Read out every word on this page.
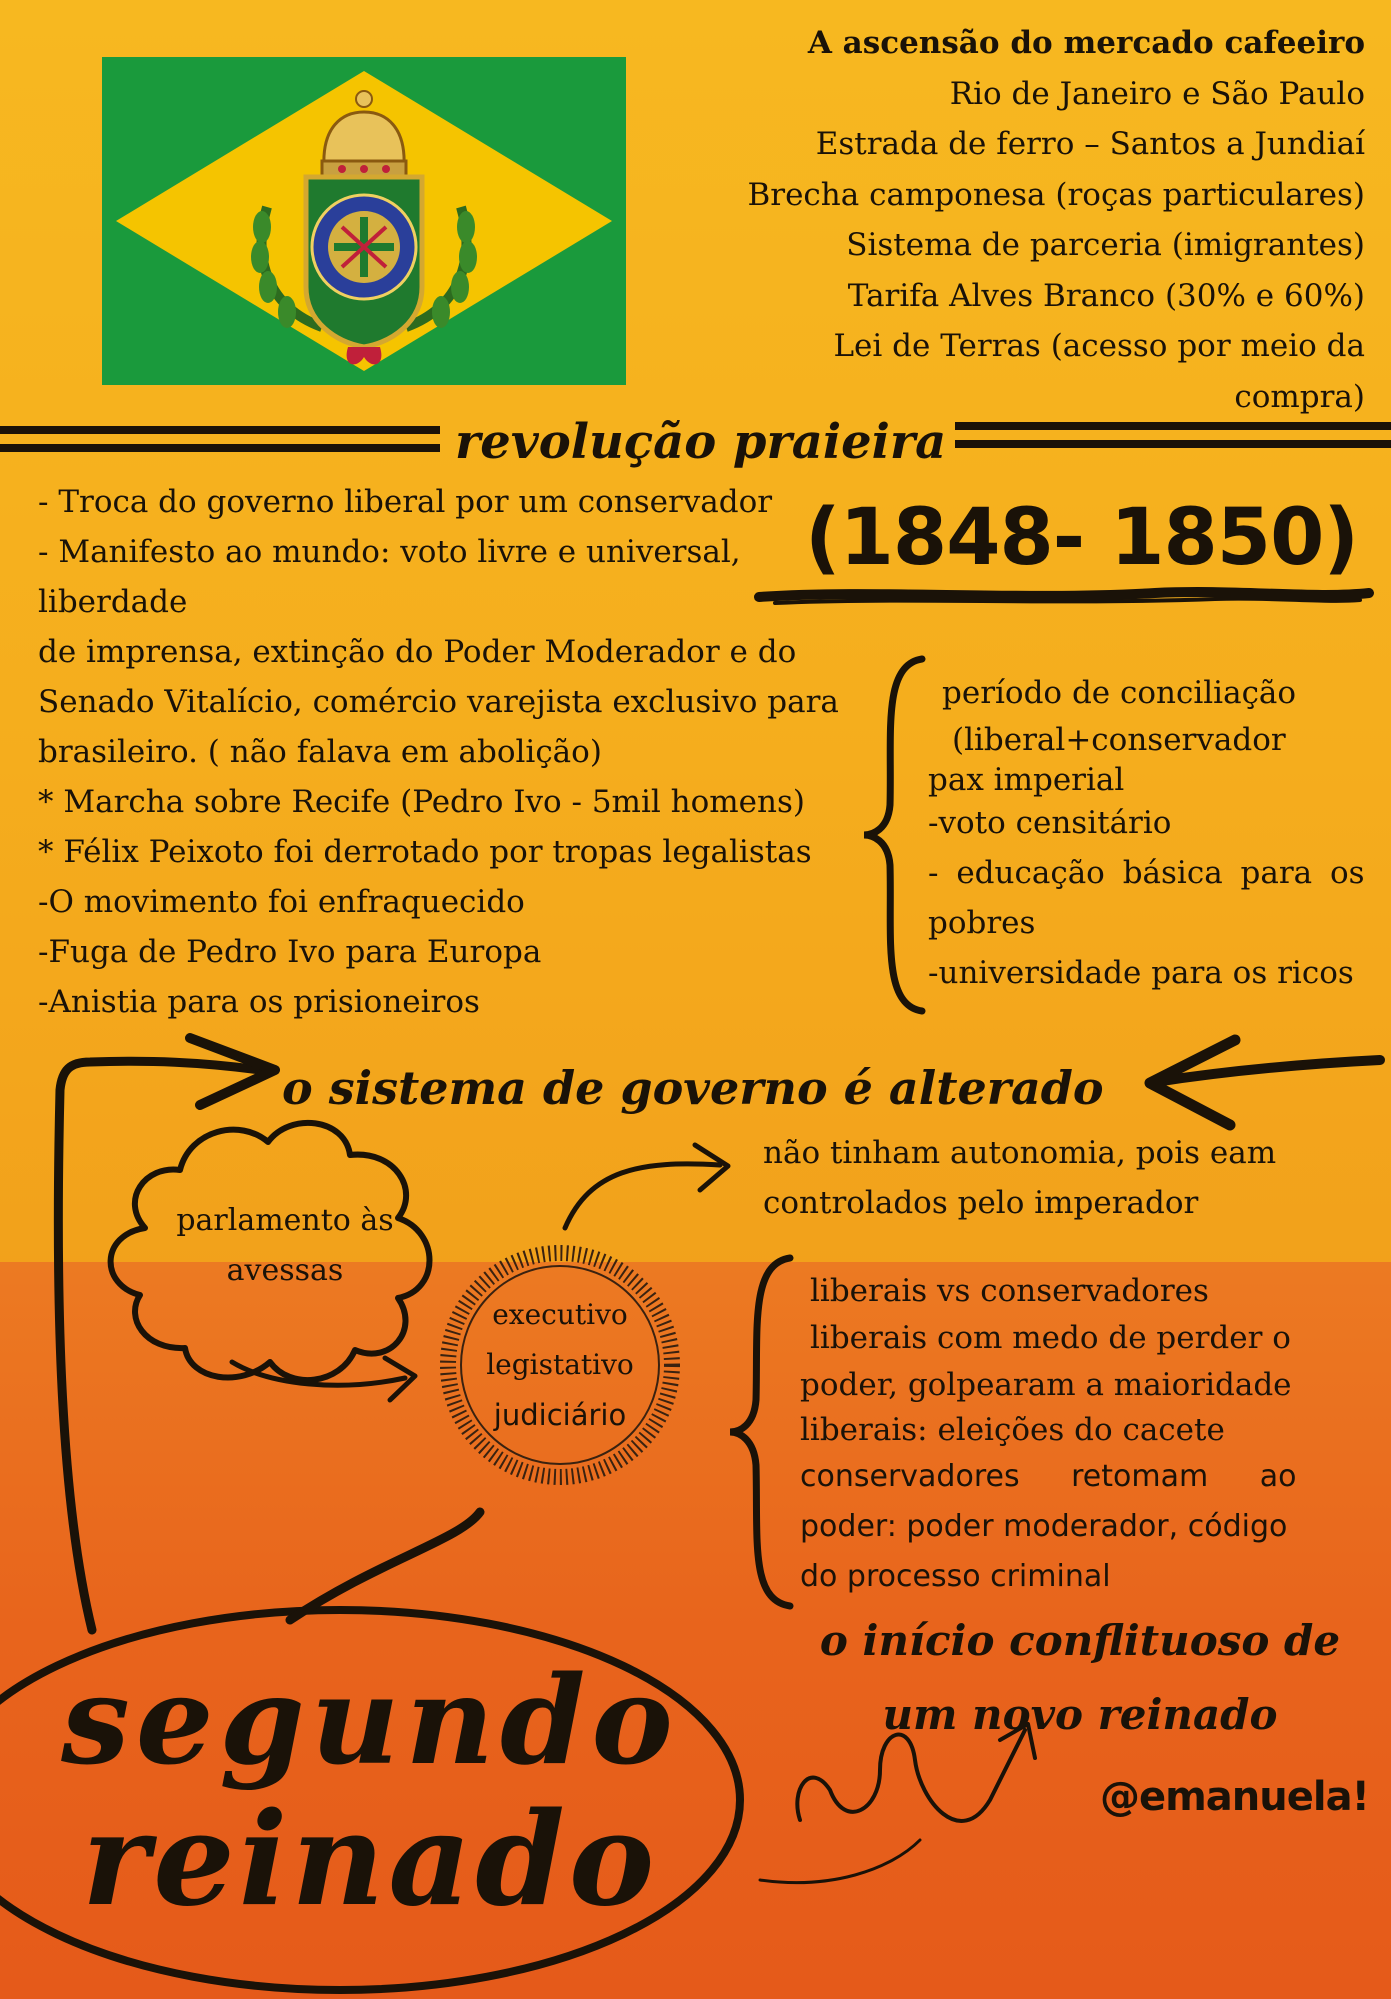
A ascensão do mercado cafeeiro
Rio de Janeiro e São Paulo
Estrada de ferro – Santos a Jundiaí
Brecha camponesa (roças particulares)
Sistema de parceria (imigrantes)
Tarifa Alves Branco (30% e 60%)
Lei de Terras (acesso por meio da
compra)
revolução praieira
- Troca do governo liberal por um conservador
- Manifesto ao mundo: voto livre e universal,
liberdade
de imprensa, extinção do Poder Moderador e do
Senado Vitalício, comércio varejista exclusivo para
brasileiro. ( não falava em abolição)
* Marcha sobre Recife (Pedro Ivo - 5mil homens)
* Félix Peixoto foi derrotado por tropas legalistas
-O movimento foi enfraquecido
-Fuga de Pedro Ivo para Europa
-Anistia para os prisioneiros
(1848- 1850)
período de conciliação
(liberal+conservador
pax imperial
-voto censitário
- educação básica para os
pobres
-universidade para os ricos
o sistema de governo é alterado
parlamento às
avessas
executivo
legistativo
judiciário
não tinham autonomia, pois eam
controlados pelo imperador
liberais vs conservadores
liberais com medo de perder o
poder, golpearam a maioridade
liberais: eleições do cacete
conservadores retomam ao
poder: poder moderador, código
do processo criminal
o início conflituoso de
um novo reinado
@emanuela!
segundo
reinado
